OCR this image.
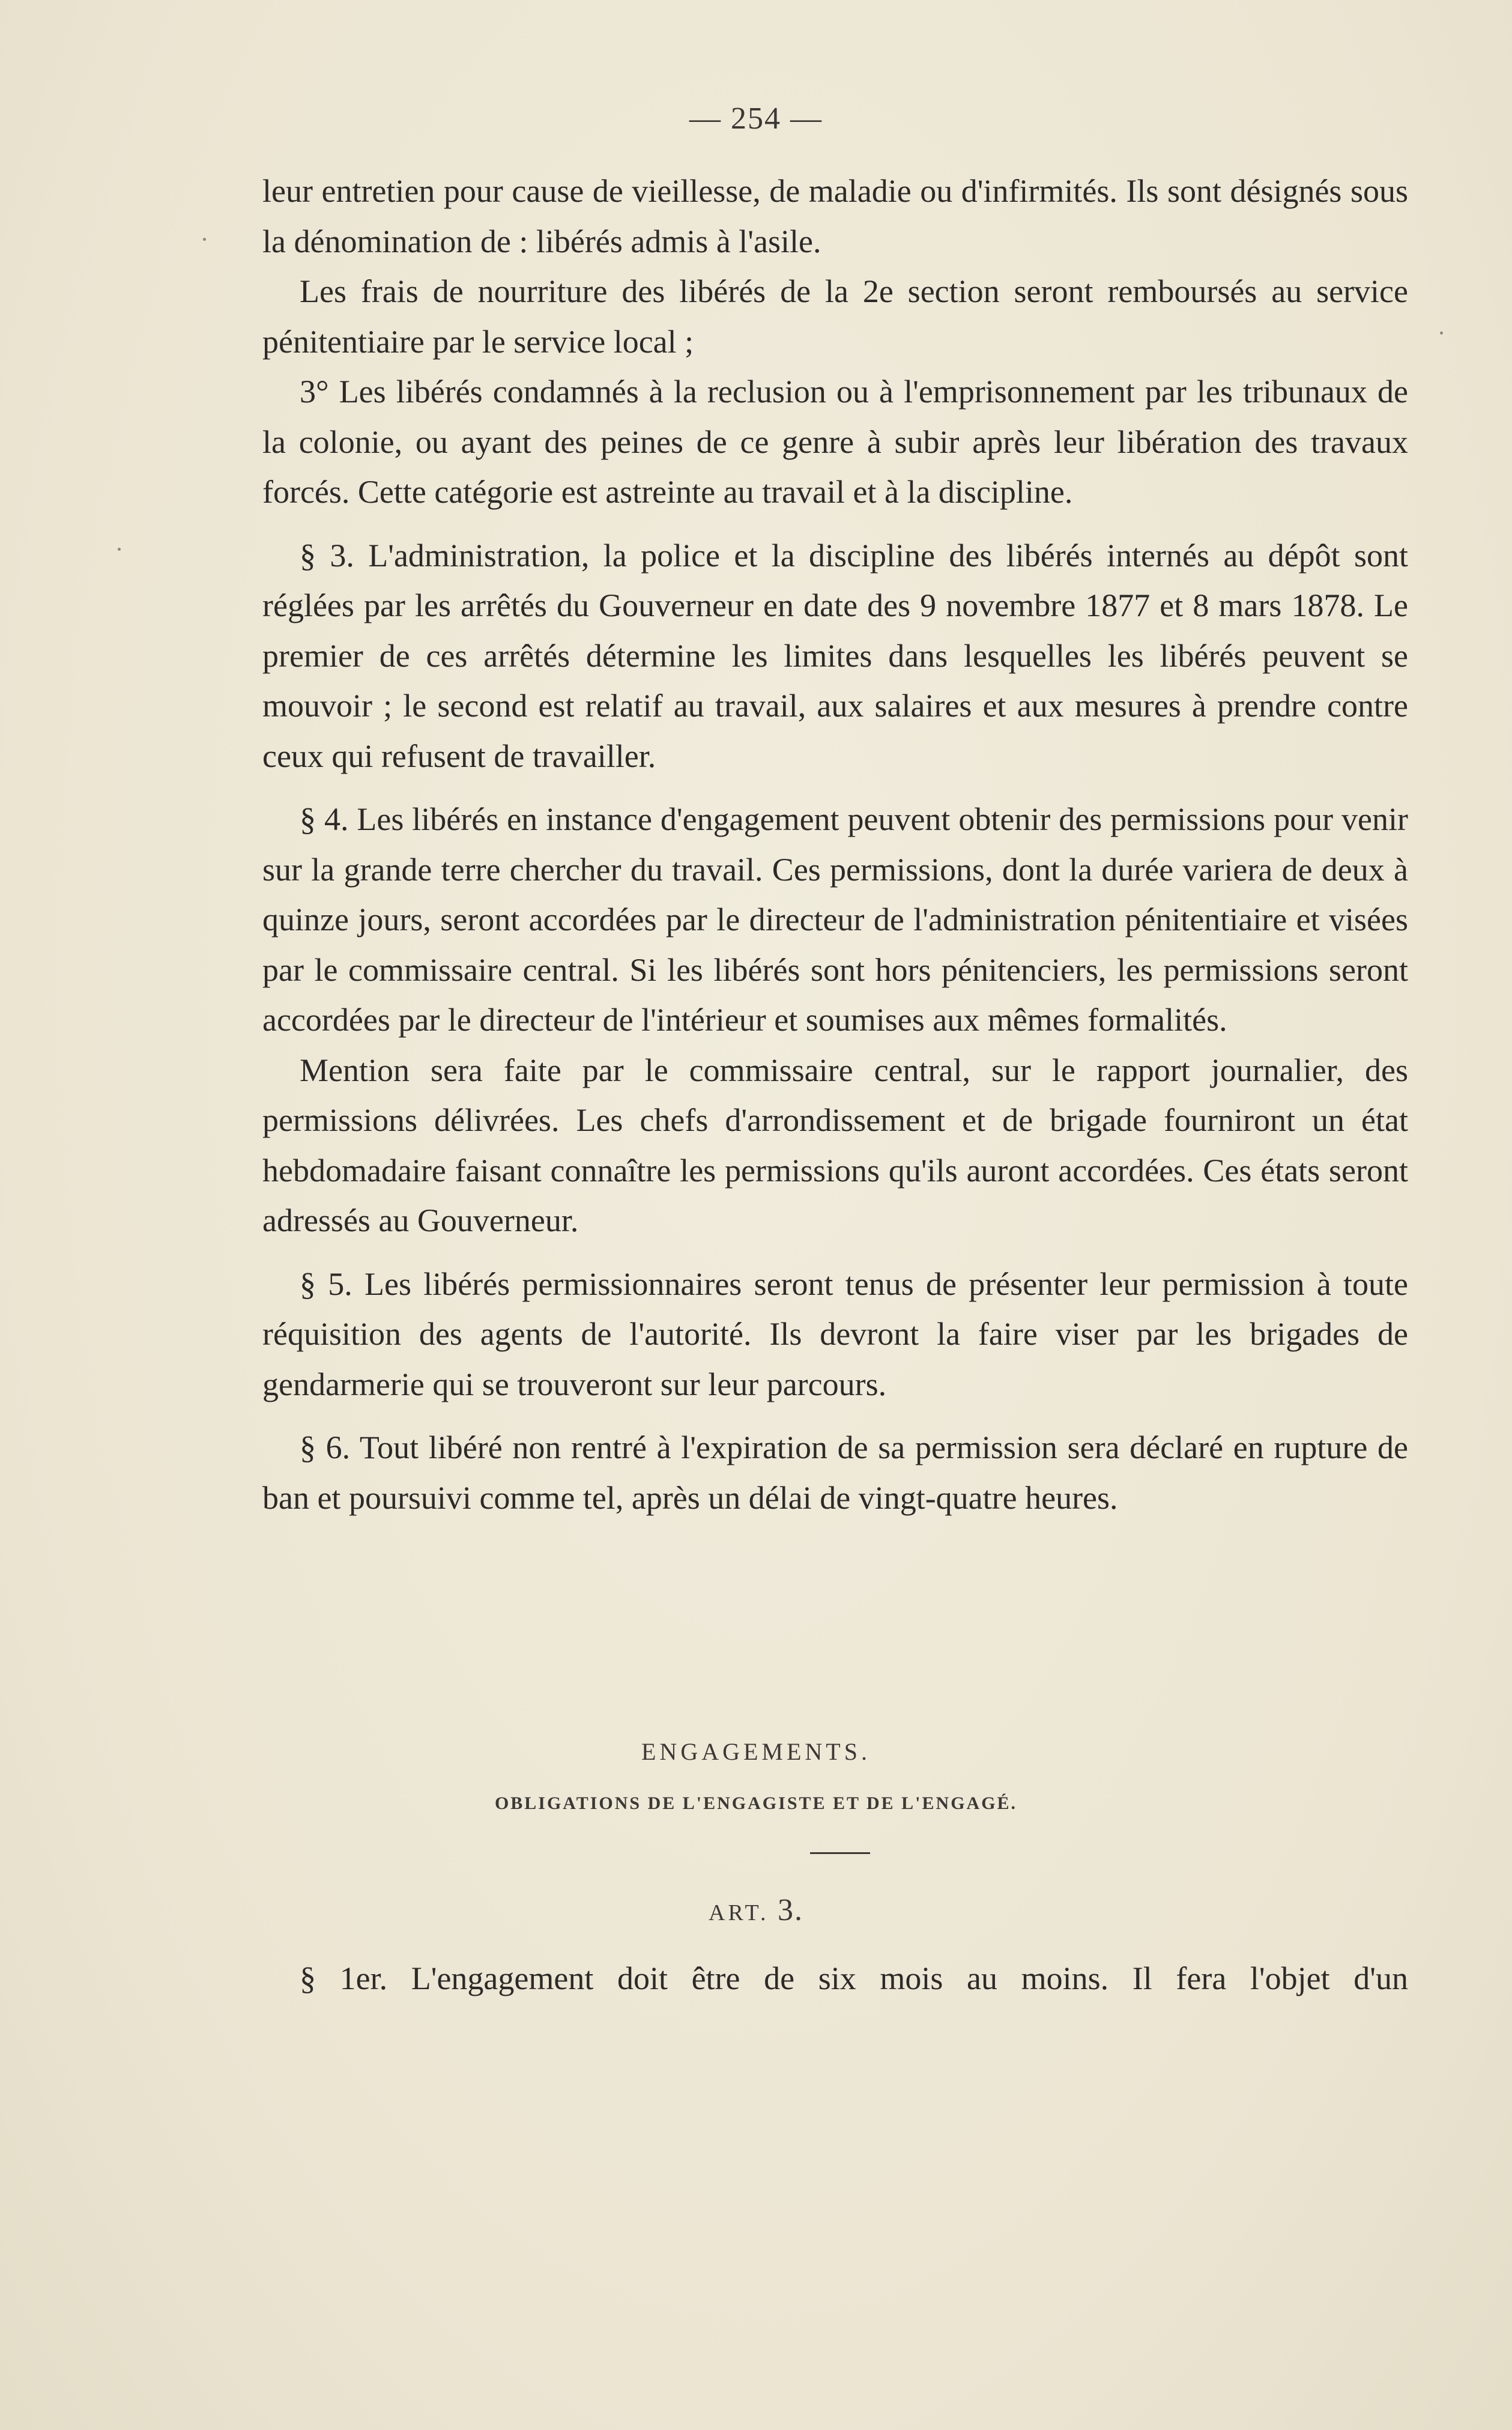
— 254 —

leur entretien pour cause de vieillesse, de maladie ou d'infirmités. Ils sont désignés sous la dénomination de : libérés admis à l'asile.

Les frais de nourriture des libérés de la 2e section seront remboursés au service pénitentiaire par le service local ;

3° Les libérés condamnés à la reclusion ou à l'emprisonnement par les tribunaux de la colonie, ou ayant des peines de ce genre à subir après leur libération des travaux forcés. Cette catégorie est astreinte au travail et à la discipline.

§ 3. L'administration, la police et la discipline des libérés internés au dépôt sont réglées par les arrêtés du Gouverneur en date des 9 novembre 1877 et 8 mars 1878. Le premier de ces arrêtés détermine les limites dans lesquelles les libérés peuvent se mouvoir ; le second est relatif au travail, aux salaires et aux mesures à prendre contre ceux qui refusent de travailler.

§ 4. Les libérés en instance d'engagement peuvent obtenir des permissions pour venir sur la grande terre chercher du travail. Ces permissions, dont la durée variera de deux à quinze jours, seront accordées par le directeur de l'administration pénitentiaire et visées par le commissaire central. Si les libérés sont hors pénitenciers, les permissions seront accordées par le directeur de l'intérieur et soumises aux mêmes formalités.

Mention sera faite par le commissaire central, sur le rapport journalier, des permissions délivrées. Les chefs d'arrondissement et de brigade fourniront un état hebdomadaire faisant connaître les permissions qu'ils auront accordées. Ces états seront adressés au Gouverneur.

§ 5. Les libérés permissionnaires seront tenus de présenter leur permission à toute réquisition des agents de l'autorité. Ils devront la faire viser par les brigades de gendarmerie qui se trouveront sur leur parcours.

§ 6. Tout libéré non rentré à l'expiration de sa permission sera déclaré en rupture de ban et poursuivi comme tel, après un délai de vingt-quatre heures.

ENGAGEMENTS.
OBLIGATIONS DE L'ENGAGISTE ET DE L'ENGAGÉ.
ART. 3.
§ 1er. L'engagement doit être de six mois au moins. Il fera l'objet d'un
